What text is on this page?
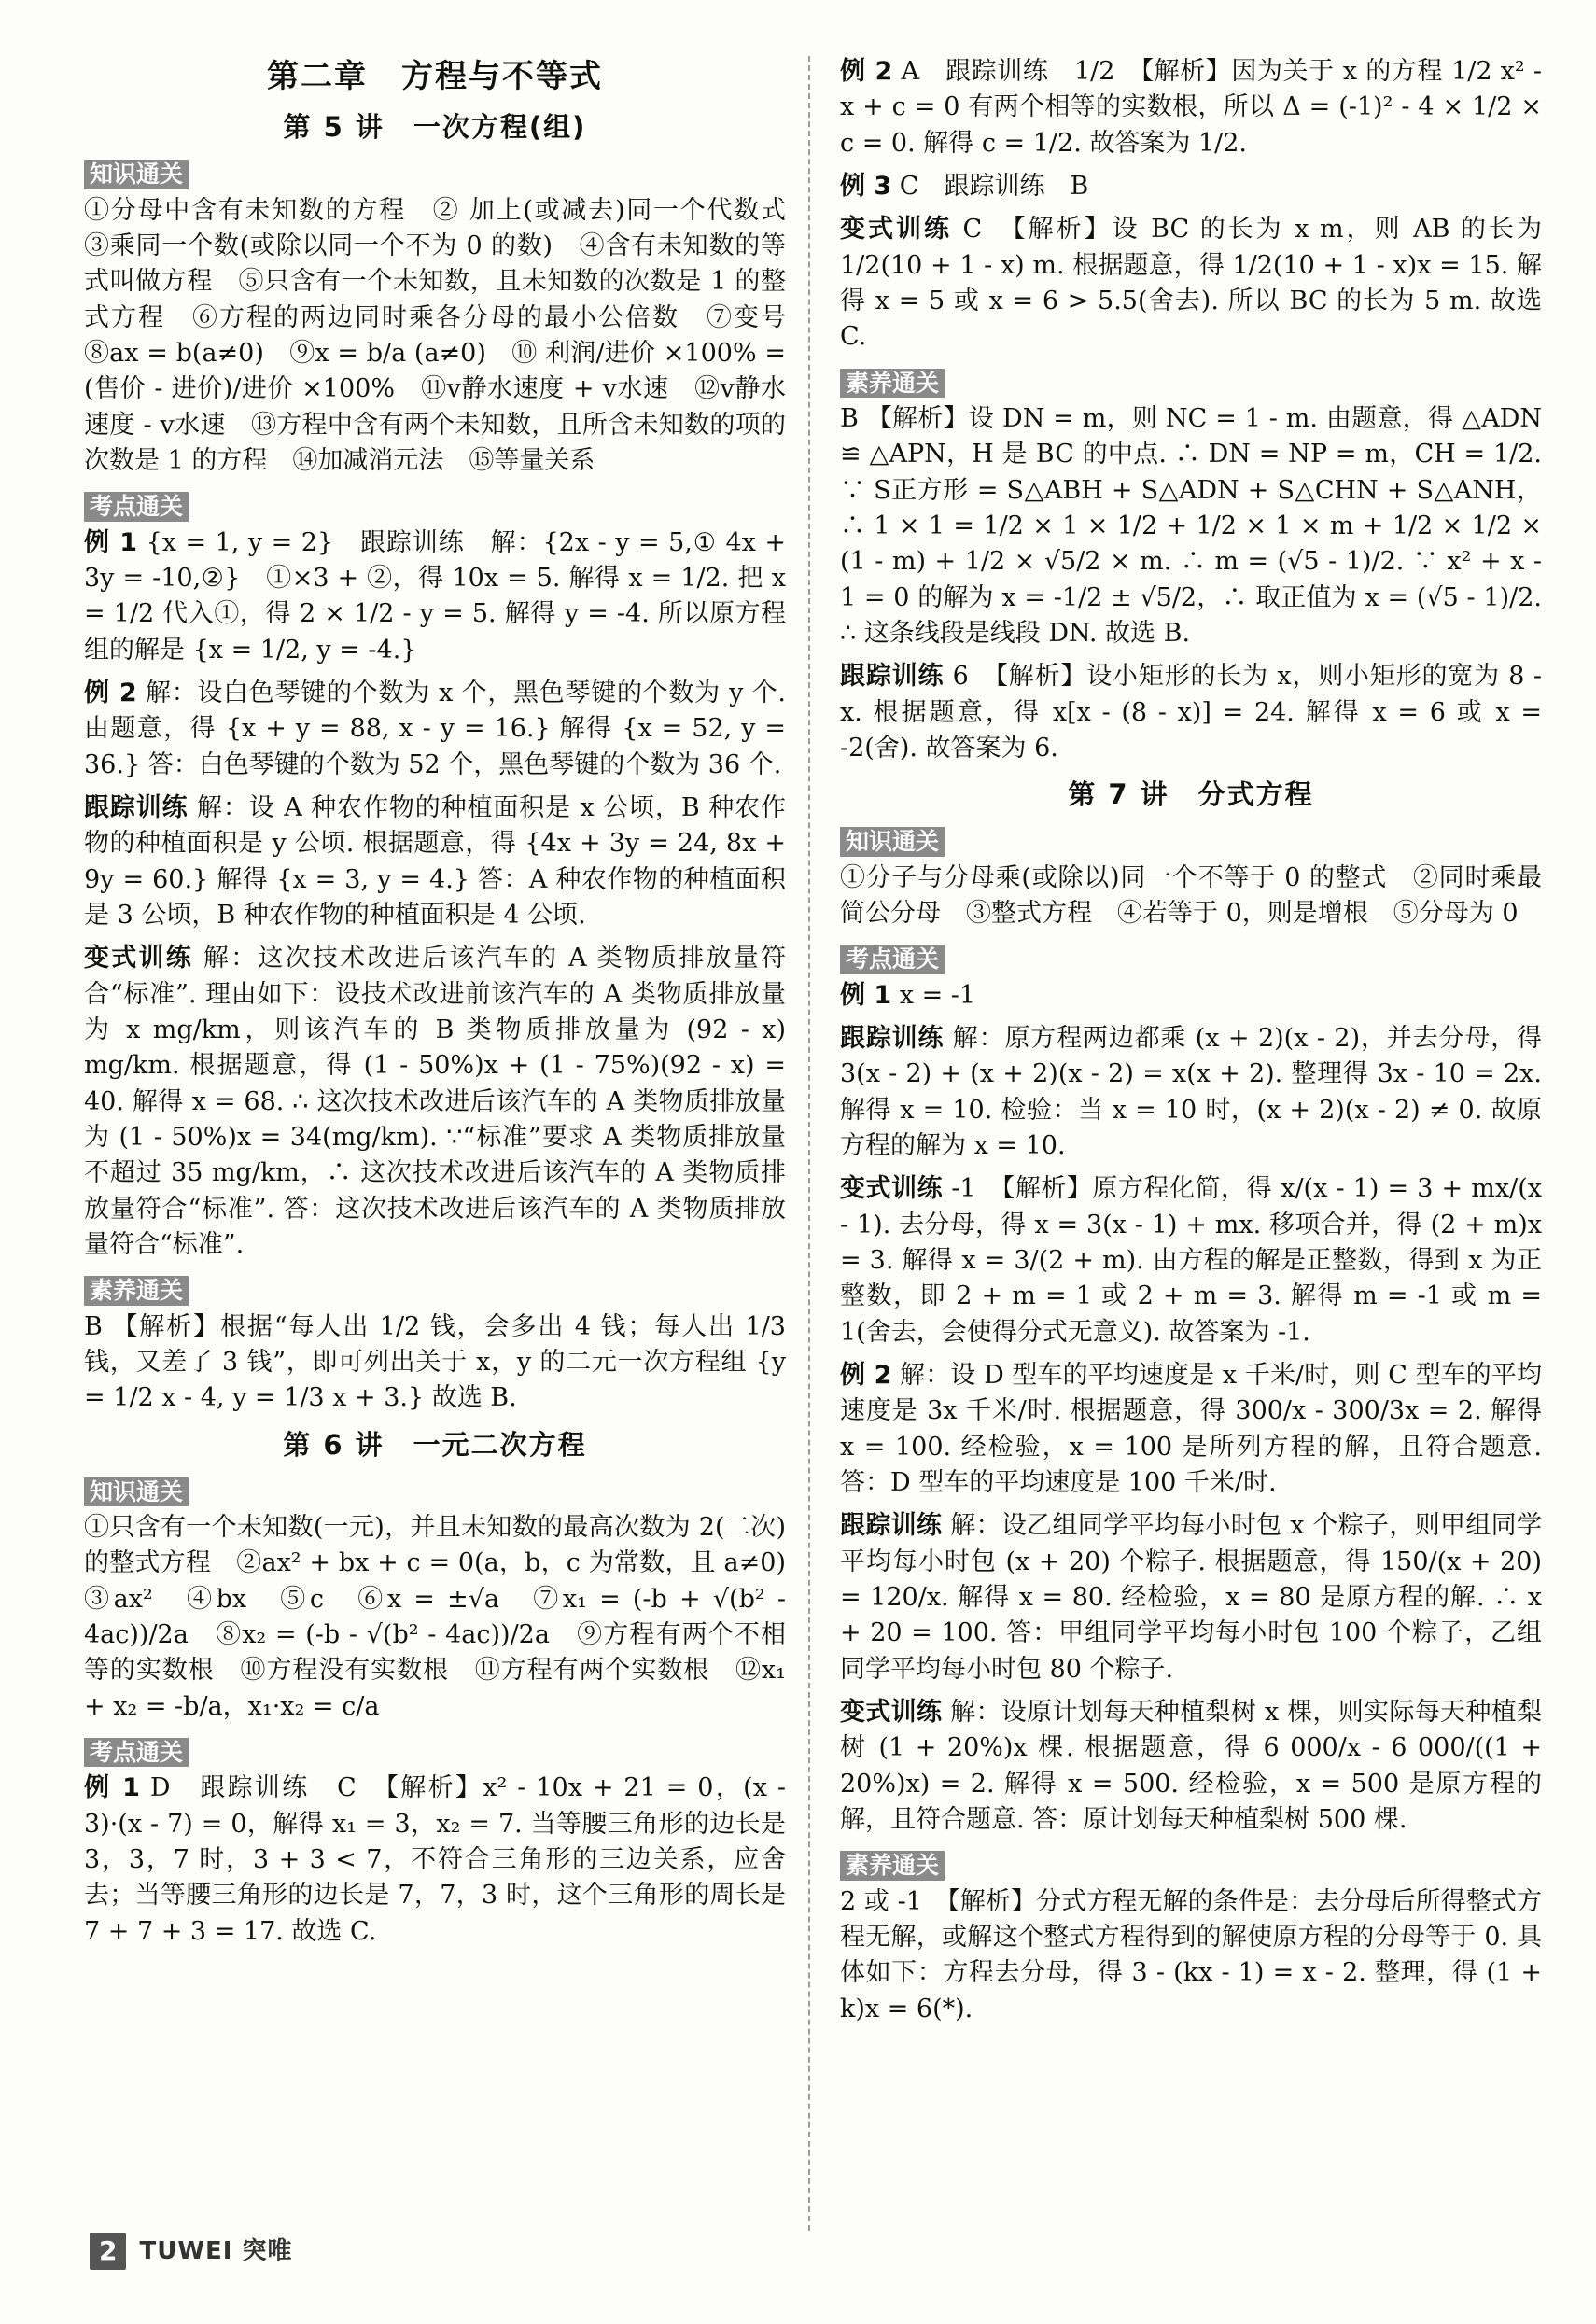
第二章　方程与不等式
第 5 讲　一次方程(组)
知识通关

①分母中含有未知数的方程　② 加上(或减去)同一个代数式　③乘同一个数(或除以同一个不为 0 的数)　④含有未知数的等式叫做方程　⑤只含有一个未知数，且未知数的次数是 1 的整式方程　⑥方程的两边同时乘各分母的最小公倍数　⑦变号　⑧ax = b(a≠0)　⑨x = b/a (a≠0)　⑩ 利润/进价 ×100% = (售价 - 进价)/进价 ×100%　⑪v静水速度 + v水速　⑫v静水速度 - v水速　⑬方程中含有两个未知数，且所含未知数的项的次数是 1 的方程　⑭加减消元法　⑮等量关系

考点通关

例 1 {x = 1, y = 2}　跟踪训练　解：{2x - y = 5,① 4x + 3y = -10,②}　①×3 + ②，得 10x = 5. 解得 x = 1/2. 把 x = 1/2 代入①，得 2 × 1/2 - y = 5. 解得 y = -4. 所以原方程组的解是 {x = 1/2, y = -4.}

例 2 解：设白色琴键的个数为 x 个，黑色琴键的个数为 y 个. 由题意，得 {x + y = 88, x - y = 16.} 解得 {x = 52, y = 36.} 答：白色琴键的个数为 52 个，黑色琴键的个数为 36 个.

跟踪训练 解：设 A 种农作物的种植面积是 x 公顷，B 种农作物的种植面积是 y 公顷. 根据题意，得 {4x + 3y = 24, 8x + 9y = 60.} 解得 {x = 3, y = 4.} 答：A 种农作物的种植面积是 3 公顷，B 种农作物的种植面积是 4 公顷.

变式训练 解：这次技术改进后该汽车的 A 类物质排放量符合“标准”. 理由如下：设技术改进前该汽车的 A 类物质排放量为 x mg/km，则该汽车的 B 类物质排放量为 (92 - x) mg/km. 根据题意，得 (1 - 50%)x + (1 - 75%)(92 - x) = 40. 解得 x = 68. ∴ 这次技术改进后该汽车的 A 类物质排放量为 (1 - 50%)x = 34(mg/km). ∵“标准”要求 A 类物质排放量不超过 35 mg/km，∴ 这次技术改进后该汽车的 A 类物质排放量符合“标准”. 答：这次技术改进后该汽车的 A 类物质排放量符合“标准”.

素养通关

B 【解析】根据“每人出 1/2 钱，会多出 4 钱；每人出 1/3 钱，又差了 3 钱”，即可列出关于 x，y 的二元一次方程组 {y = 1/2 x - 4, y = 1/3 x + 3.} 故选 B.

第 6 讲　一元二次方程
知识通关

①只含有一个未知数(一元)，并且未知数的最高次数为 2(二次)的整式方程　②ax² + bx + c = 0(a，b，c 为常数，且 a≠0)　③ax²　④bx　⑤c　⑥x = ±√a　⑦x₁ = (-b + √(b² - 4ac))/2a　⑧x₂ = (-b - √(b² - 4ac))/2a　⑨方程有两个不相等的实数根　⑩方程没有实数根　⑪方程有两个实数根　⑫x₁ + x₂ = -b/a，x₁·x₂ = c/a

考点通关

例 1 D　跟踪训练　C　【解析】x² - 10x + 21 = 0，(x - 3)·(x - 7) = 0，解得 x₁ = 3，x₂ = 7. 当等腰三角形的边长是 3，3，7 时，3 + 3 < 7，不符合三角形的三边关系，应舍去；当等腰三角形的边长是 7，7，3 时，这个三角形的周长是 7 + 7 + 3 = 17. 故选 C.

例 2 A　跟踪训练　1/2　【解析】因为关于 x 的方程 1/2 x² - x + c = 0 有两个相等的实数根，所以 Δ = (-1)² - 4 × 1/2 × c = 0. 解得 c = 1/2. 故答案为 1/2.

例 3 C　跟踪训练　B

变式训练 C　【解析】设 BC 的长为 x m，则 AB 的长为 1/2(10 + 1 - x) m. 根据题意，得 1/2(10 + 1 - x)x = 15. 解得 x = 5 或 x = 6 > 5.5(舍去). 所以 BC 的长为 5 m. 故选 C.

素养通关

B 【解析】设 DN = m，则 NC = 1 - m. 由题意，得 △ADN ≌ △APN，H 是 BC 的中点. ∴ DN = NP = m，CH = 1/2. ∵ S正方形 = S△ABH + S△ADN + S△CHN + S△ANH，∴ 1 × 1 = 1/2 × 1 × 1/2 + 1/2 × 1 × m + 1/2 × 1/2 × (1 - m) + 1/2 × √5/2 × m. ∴ m = (√5 - 1)/2. ∵ x² + x - 1 = 0 的解为 x = -1/2 ± √5/2，∴ 取正值为 x = (√5 - 1)/2. ∴ 这条线段是线段 DN. 故选 B.

跟踪训练 6　【解析】设小矩形的长为 x，则小矩形的宽为 8 - x. 根据题意，得 x[x - (8 - x)] = 24. 解得 x = 6 或 x = -2(舍). 故答案为 6.

第 7 讲　分式方程
知识通关

①分子与分母乘(或除以)同一个不等于 0 的整式　②同时乘最简公分母　③整式方程　④若等于 0，则是增根　⑤分母为 0

考点通关

例 1 x = -1

跟踪训练 解：原方程两边都乘 (x + 2)(x - 2)，并去分母，得 3(x - 2) + (x + 2)(x - 2) = x(x + 2). 整理得 3x - 10 = 2x. 解得 x = 10. 检验：当 x = 10 时，(x + 2)(x - 2) ≠ 0. 故原方程的解为 x = 10.

变式训练 -1　【解析】原方程化简，得 x/(x - 1) = 3 + mx/(x - 1). 去分母，得 x = 3(x - 1) + mx. 移项合并，得 (2 + m)x = 3. 解得 x = 3/(2 + m). 由方程的解是正整数，得到 x 为正整数，即 2 + m = 1 或 2 + m = 3. 解得 m = -1 或 m = 1(舍去，会使得分式无意义). 故答案为 -1.

例 2 解：设 D 型车的平均速度是 x 千米/时，则 C 型车的平均速度是 3x 千米/时. 根据题意，得 300/x - 300/3x = 2. 解得 x = 100. 经检验，x = 100 是所列方程的解，且符合题意. 答：D 型车的平均速度是 100 千米/时.

跟踪训练 解：设乙组同学平均每小时包 x 个粽子，则甲组同学平均每小时包 (x + 20) 个粽子. 根据题意，得 150/(x + 20) = 120/x. 解得 x = 80. 经检验，x = 80 是原方程的解. ∴ x + 20 = 100. 答：甲组同学平均每小时包 100 个粽子，乙组同学平均每小时包 80 个粽子.

变式训练 解：设原计划每天种植梨树 x 棵，则实际每天种植梨树 (1 + 20%)x 棵. 根据题意，得 6 000/x - 6 000/((1 + 20%)x) = 2. 解得 x = 500. 经检验，x = 500 是原方程的解，且符合题意. 答：原计划每天种植梨树 500 棵.

素养通关

2 或 -1　【解析】分式方程无解的条件是：去分母后所得整式方程无解，或解这个整式方程得到的解使原方程的分母等于 0. 具体如下：方程去分母，得 3 - (kx - 1) = x - 2. 整理，得 (1 + k)x = 6(*).

2 TUWEI 突唯
